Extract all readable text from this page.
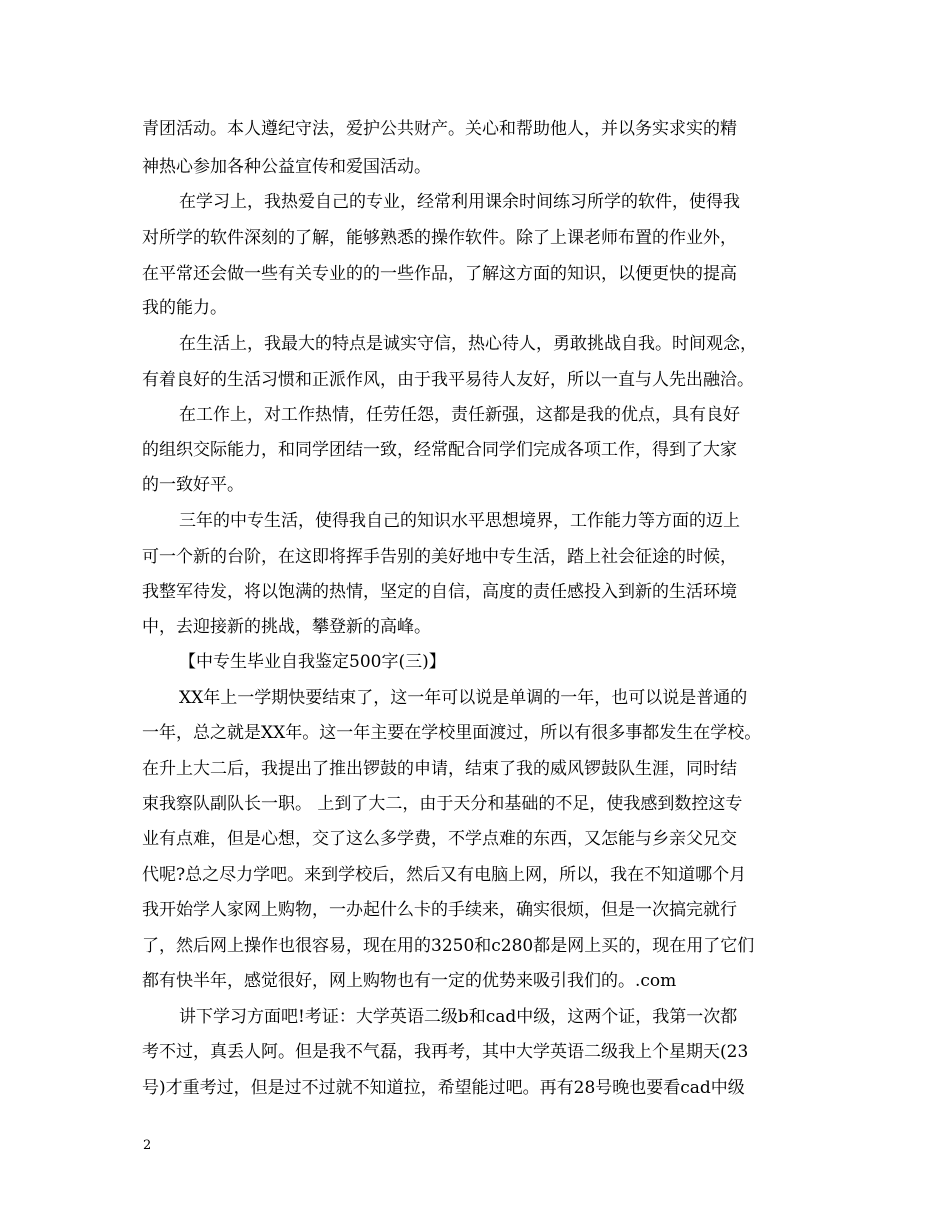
青团活动。本人遵纪守法，爱护公共财产。关心和帮助他人，并以务实求实的精
神热心参加各种公益宣传和爱国活动。
在学习上，我热爱自己的专业，经常利用课余时间练习所学的软件，使得我
对所学的软件深刻的了解，能够熟悉的操作软件。除了上课老师布置的作业外，
在平常还会做一些有关专业的的一些作品，了解这方面的知识，以便更快的提高
我的能力。
在生活上，我最大的特点是诚实守信，热心待人，勇敢挑战自我。时间观念，
有着良好的生活习惯和正派作风，由于我平易待人友好，所以一直与人先出融洽。
在工作上，对工作热情，任劳任怨，责任新强，这都是我的优点，具有良好
的组织交际能力，和同学团结一致，经常配合同学们完成各项工作，得到了大家
的一致好平。
三年的中专生活，使得我自己的知识水平思想境界，工作能力等方面的迈上
可一个新的台阶，在这即将挥手告别的美好地中专生活，踏上社会征途的时候，
我整军待发，将以饱满的热情，坚定的自信，高度的责任感投入到新的生活环境
中，去迎接新的挑战，攀登新的高峰。
【中专生毕业自我鉴定500字(三)】
XX年上一学期快要结束了，这一年可以说是单调的一年，也可以说是普通的
一年，总之就是XX年。这一年主要在学校里面渡过，所以有很多事都发生在学校。
在升上大二后，我提出了推出锣鼓的申请，结束了我的威风锣鼓队生涯，同时结
束我察队副队长一职。 上到了大二，由于天分和基础的不足，使我感到数控这专
业有点难，但是心想，交了这么多学费，不学点难的东西，又怎能与乡亲父兄交
代呢?总之尽力学吧。来到学校后，然后又有电脑上网，所以，我在不知道哪个月
我开始学人家网上购物，一办起什么卡的手续来，确实很烦，但是一次搞完就行
了，然后网上操作也很容易，现在用的3250和c280都是网上买的，现在用了它们
都有快半年，感觉很好，网上购物也有一定的优势来吸引我们的。.com
讲下学习方面吧!考证：大学英语二级b和cad中级，这两个证，我第一次都
考不过，真丢人阿。但是我不气磊，我再考，其中大学英语二级我上个星期天(23
号)才重考过，但是过不过就不知道拉，希望能过吧。再有28号晚也要看cad中级
2
